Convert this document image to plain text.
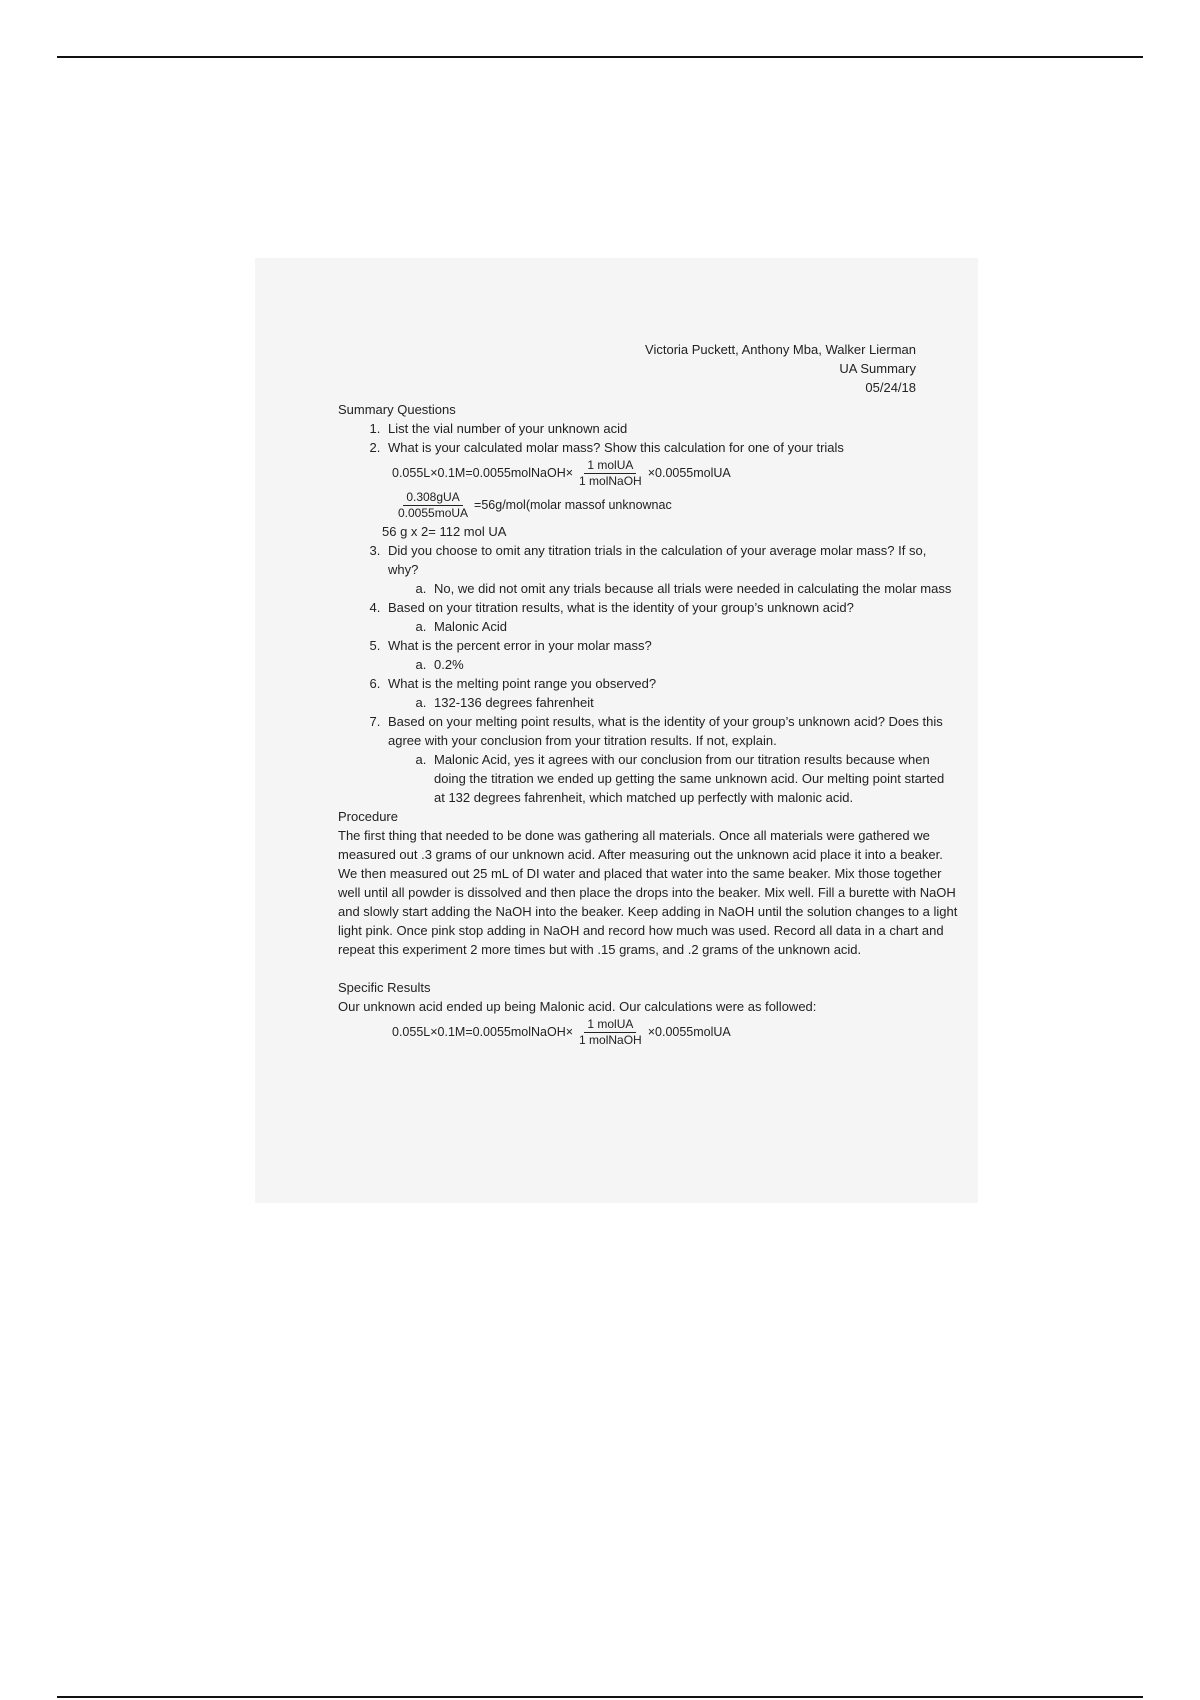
Victoria Puckett, Anthony Mba, Walker Lierman
UA Summary
05/24/18
Summary Questions
1. List the vial number of your unknown acid
2. What is your calculated molar mass? Show this calculation for one of your trials
0.055L×0.1M=0.0055molNaOH× $\frac{\text{1 molUA}}{\text{1 molNaOH}}$ ×0.0055molUA
$\frac{\text{0.308gUA}}{\text{0.0055moUA}}$ =56g/mol(molar massof unknownac
56 g x 2= 112 mol UA
3. Did you choose to omit any titration trials in the calculation of your average molar mass? If so, why?
a. No, we did not omit any trials because all trials were needed in calculating the molar mass
4. Based on your titration results, what is the identity of your group’s unknown acid?
a. Malonic Acid
5. What is the percent error in your molar mass?
a. 0.2%
6. What is the melting point range you observed?
a. 132-136 degrees fahrenheit
7. Based on your melting point results, what is the identity of your group’s unknown acid? Does this agree with your conclusion from your titration results. If not, explain.
a. Malonic Acid, yes it agrees with our conclusion from our titration results because when doing the titration we ended up getting the same unknown acid. Our melting point started at 132 degrees fahrenheit, which matched up perfectly with malonic acid.
Procedure

The first thing that needed to be done was gathering all materials. Once all materials were gathered we measured out .3 grams of our unknown acid. After measuring out the unknown acid place it into a beaker. We then measured out 25 mL of DI water and placed that water into the same beaker. Mix those together well until all powder is dissolved and then place the drops into the beaker. Mix well. Fill a burette with NaOH and slowly start adding the NaOH into the beaker. Keep adding in NaOH until the solution changes to a light light pink. Once pink stop adding in NaOH and record how much was used. Record all data in a chart and repeat this experiment 2 more times but with .15 grams, and .2 grams of the unknown acid.

Specific Results
Our unknown acid ended up being Malonic acid. Our calculations were as followed:
0.055L×0.1M=0.0055molNaOH× $\frac{\text{1 molUA}}{\text{1 molNaOH}}$ ×0.0055molUA
